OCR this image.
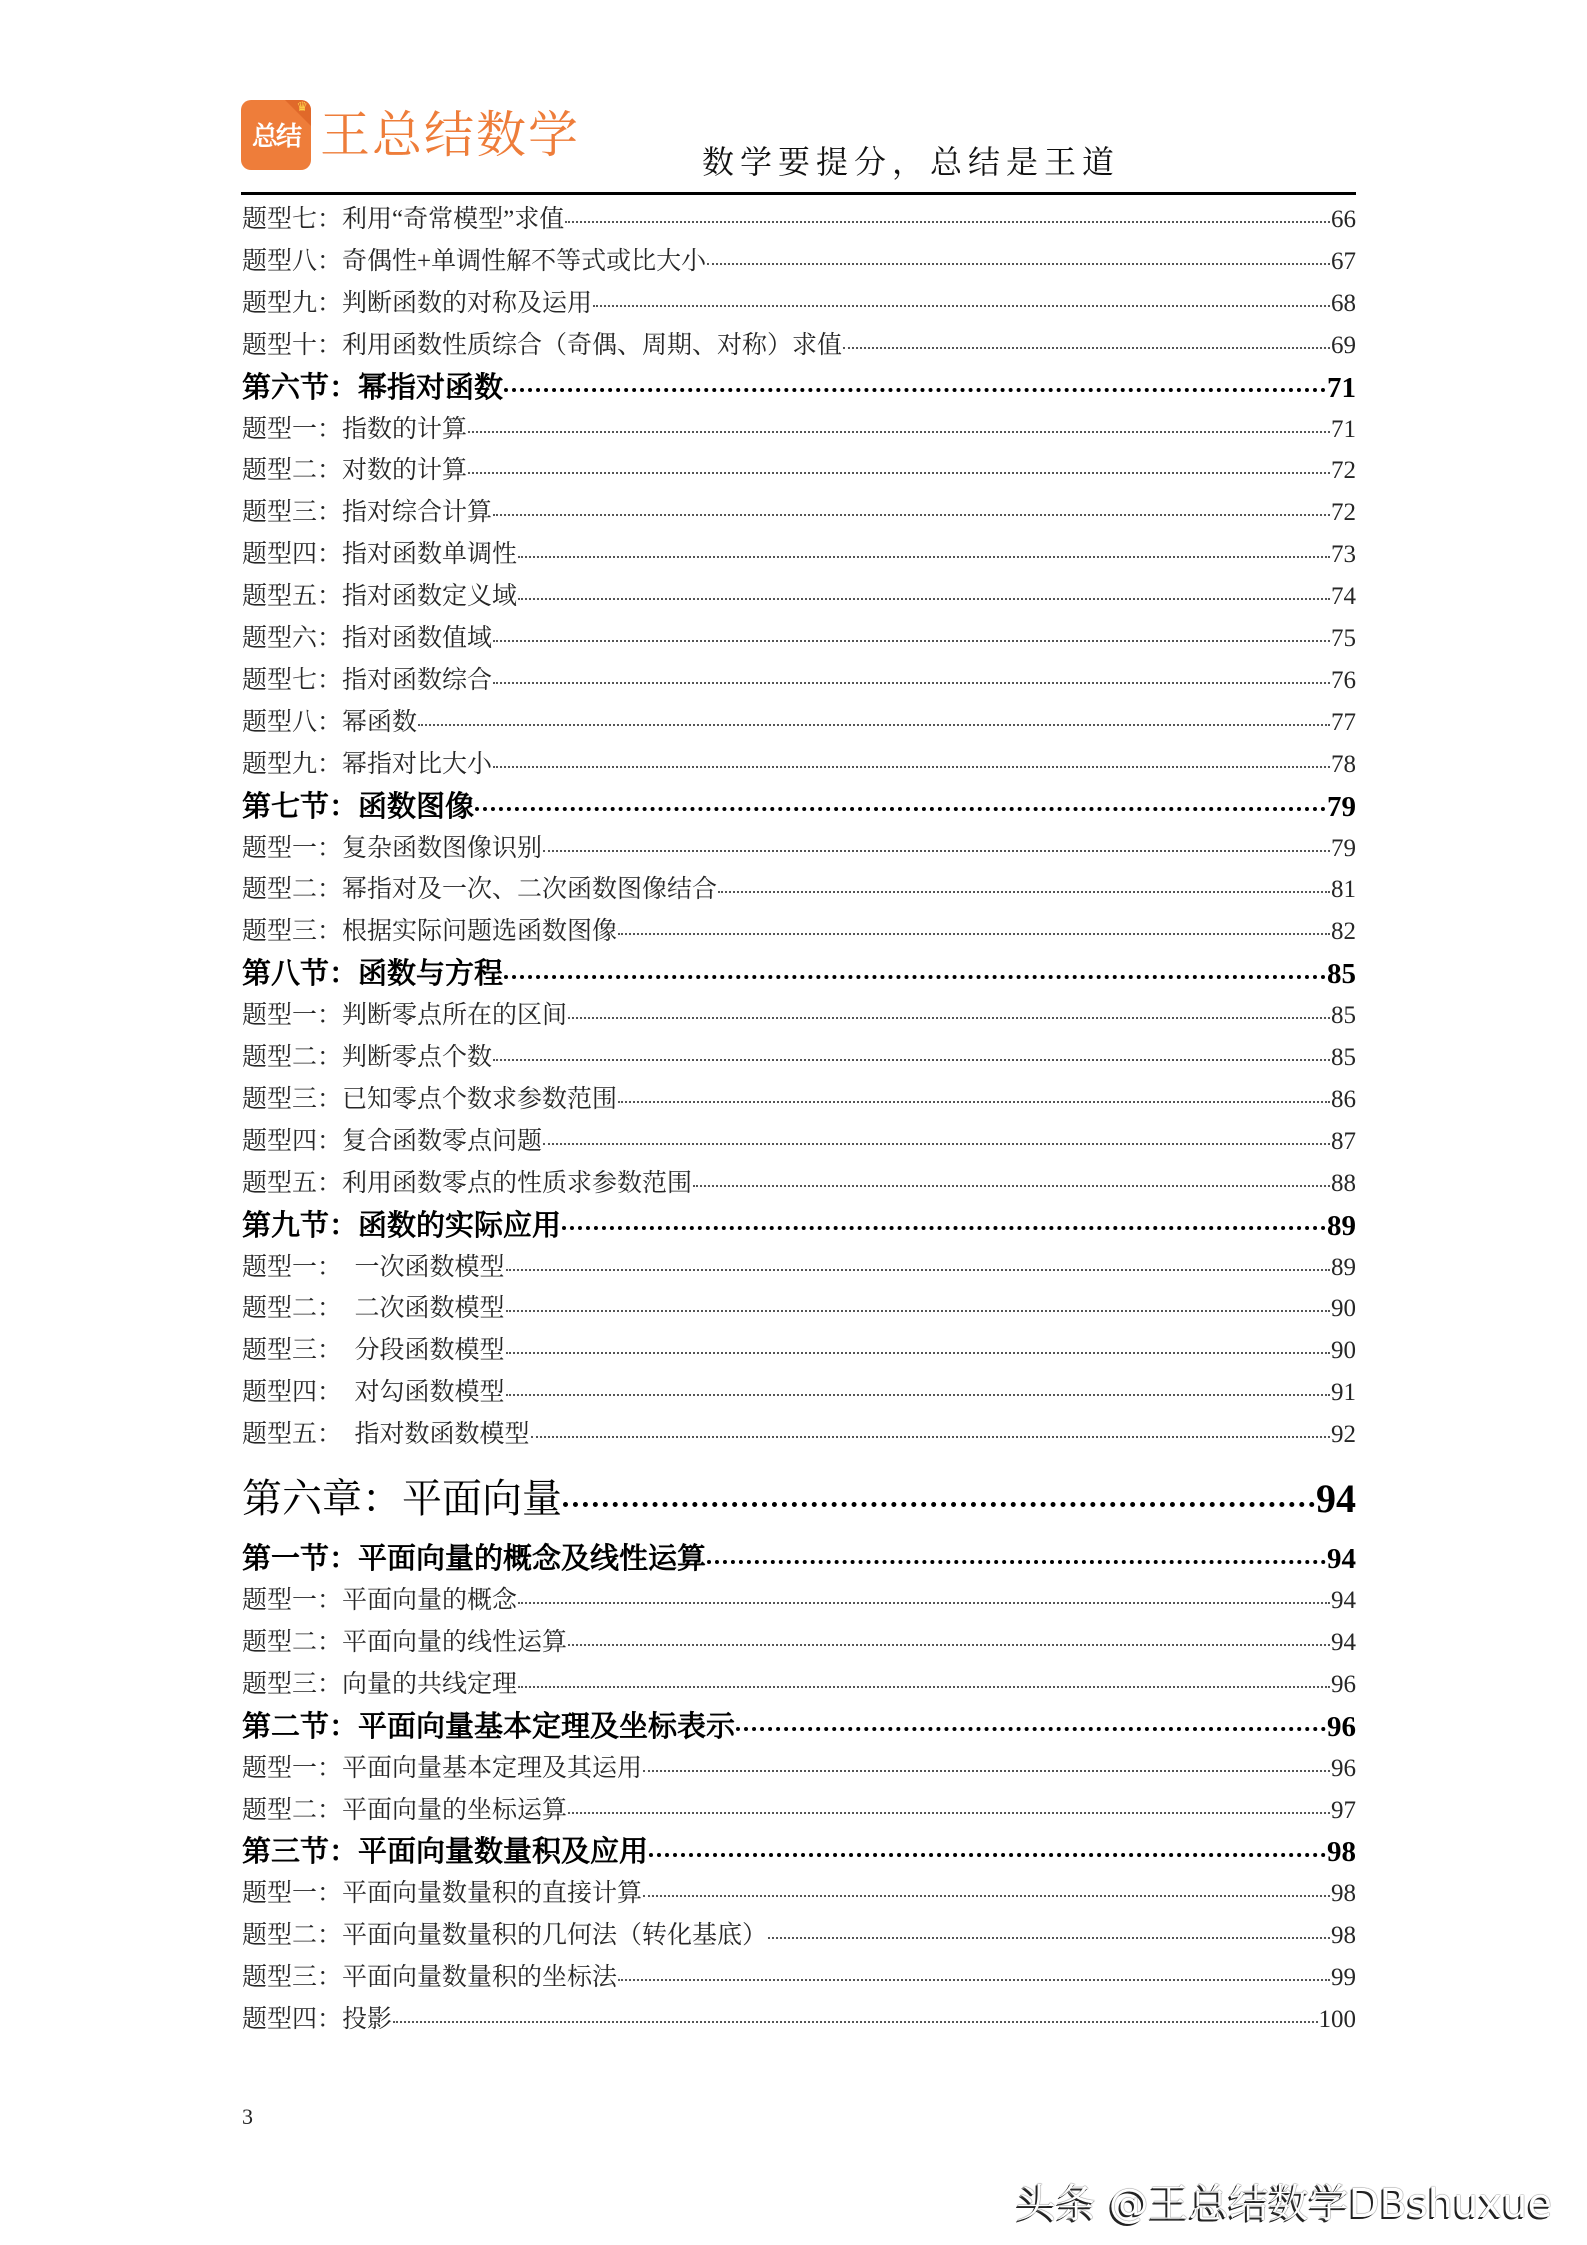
♛
总结 王总结数学	数学要提分，总结是王道
题型七：利用“奇常模型”求值	66
题型八：奇偶性+单调性解不等式或比大小	67
题型九：判断函数的对称及运用	68
题型十：利用函数性质综合（奇偶、周期、对称）求值	69
第六节：幂指对函数	71
题型一：指数的计算	71
题型二：对数的计算	72
题型三：指对综合计算	72
题型四：指对函数单调性	73
题型五：指对函数定义域	74
题型六：指对函数值域	75
题型七：指对函数综合	76
题型八：幂函数	77
题型九：幂指对比大小	78
第七节：函数图像	79
题型一：复杂函数图像识别	79
题型二：幂指对及一次、二次函数图像结合	81
题型三：根据实际问题选函数图像	82
第八节：函数与方程	85
题型一：判断零点所在的区间	85
题型二：判断零点个数	85
题型三：已知零点个数求参数范围	86
题型四：复合函数零点问题	87
题型五：利用函数零点的性质求参数范围	88
第九节：函数的实际应用	89
题型一：  一次函数模型	89
题型二：  二次函数模型	90
题型三：  分段函数模型	90
题型四：  对勾函数模型	91
题型五：  指对数函数模型	92
第六章：平面向量	94
第一节：平面向量的概念及线性运算	94
题型一：平面向量的概念	94
题型二：平面向量的线性运算	94
题型三：向量的共线定理	96
第二节：平面向量基本定理及坐标表示	96
题型一：平面向量基本定理及其运用	96
题型二：平面向量的坐标运算	97
第三节：平面向量数量积及应用	98
题型一：平面向量数量积的直接计算	98
题型二：平面向量数量积的几何法（转化基底）	98
题型三：平面向量数量积的坐标法	99
题型四：投影	100
3
头条 @王总结数学DBshuxue
